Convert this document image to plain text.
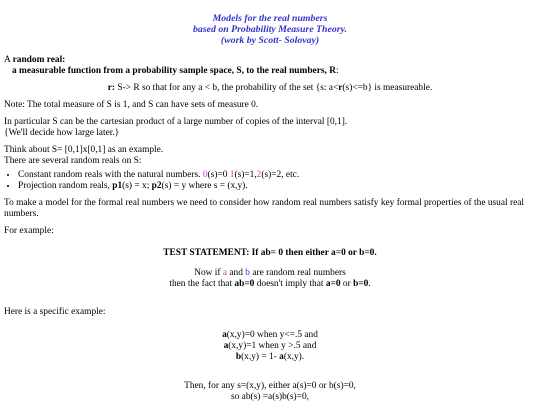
Models for the real numbers
based on Probability Measure Theory.
(work by Scott- Solovay)

A random real:

a measurable function from a probability sample space, S, to the real numbers, R:

r: S-> R so that for any a < b, the probability of the set {s: a<r(s)<=b} is measureable.

Note: The total measure of S is 1, and S can have sets of measure 0.

In particular S can be the cartesian product of a large number of copies of the interval [0,1].

{We'll decide how large later.}

Think about S= [0,1]x[0,1] as an example.

There are several random reals on S:

• Constant random reals with the natural numbers. 0(s)=0 1(s)=1,2(s)=2, etc.
• Projection random reals, p1(s) = x; p2(s) = y where s = (x,y).

To make a model for the formal real numbers we need to consider how random real numbers satisfy key formal properties of the usual real numbers.

For example:

TEST STATEMENT: If ab= 0 then either a=0 or b=0.

Now if a and b are random real numbers

then the fact that ab=0 doesn't imply that a=0 or b=0.

Here is a specific example:

a(x,y)=0 when y<=.5 and

a(x,y)=1 when y >.5 and

b(x,y) = 1- a(x,y).

Then, for any s=(x,y), either a(s)=0 or b(s)=0,

so ab(s) =a(s)b(s)=0,
